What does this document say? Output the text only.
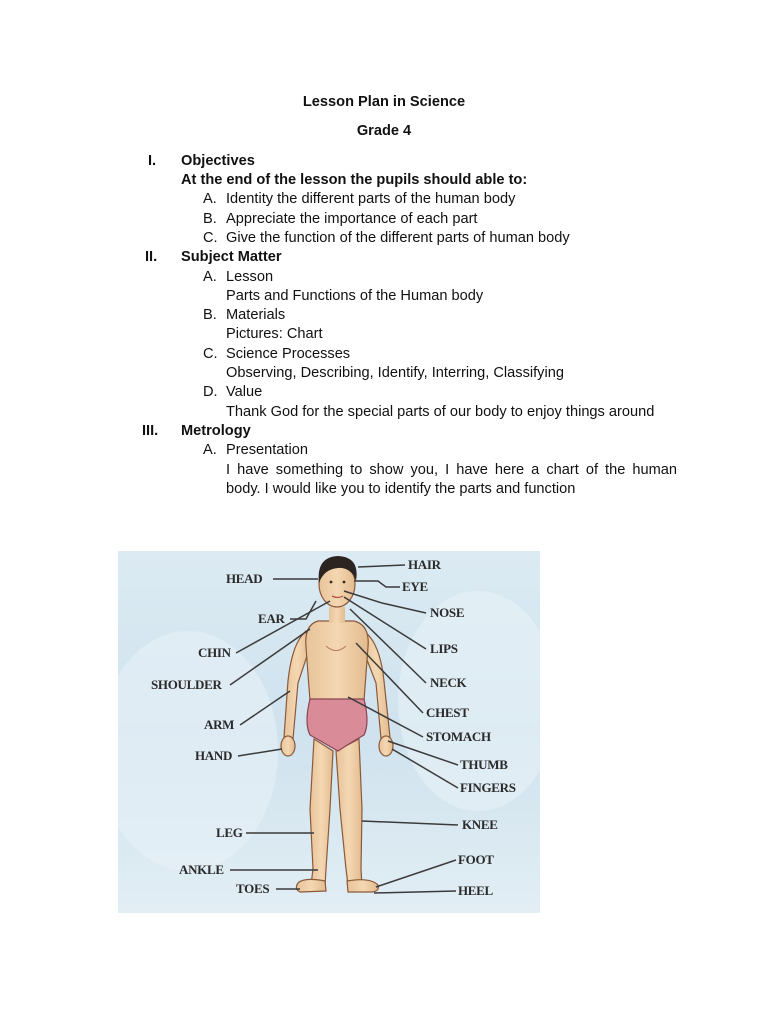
Lesson Plan in Science
Grade 4
I. Objectives
At the end of the lesson the pupils should able to:
A. Identity the different parts of the human body
B. Appreciate the importance of each part
C. Give the function of the different parts of human body
II. Subject Matter
A. Lesson
Parts and Functions of the Human body
B. Materials
Pictures: Chart
C. Science Processes
Observing, Describing, Identify, Interring, Classifying
D. Value
Thank God for the special parts of our body to enjoy things around
III. Metrology
A. Presentation
I have something to show you, I have here a chart of the human
body. I would like you to identify the parts and function
HEAD
EAR
CHIN
SHOULDER
ARM
HAND
LEG
ANKLE
TOES
HAIR
EYE
NOSE
LIPS
NECK
CHEST
STOMACH
THUMB
FINGERS
KNEE
FOOT
HEEL
